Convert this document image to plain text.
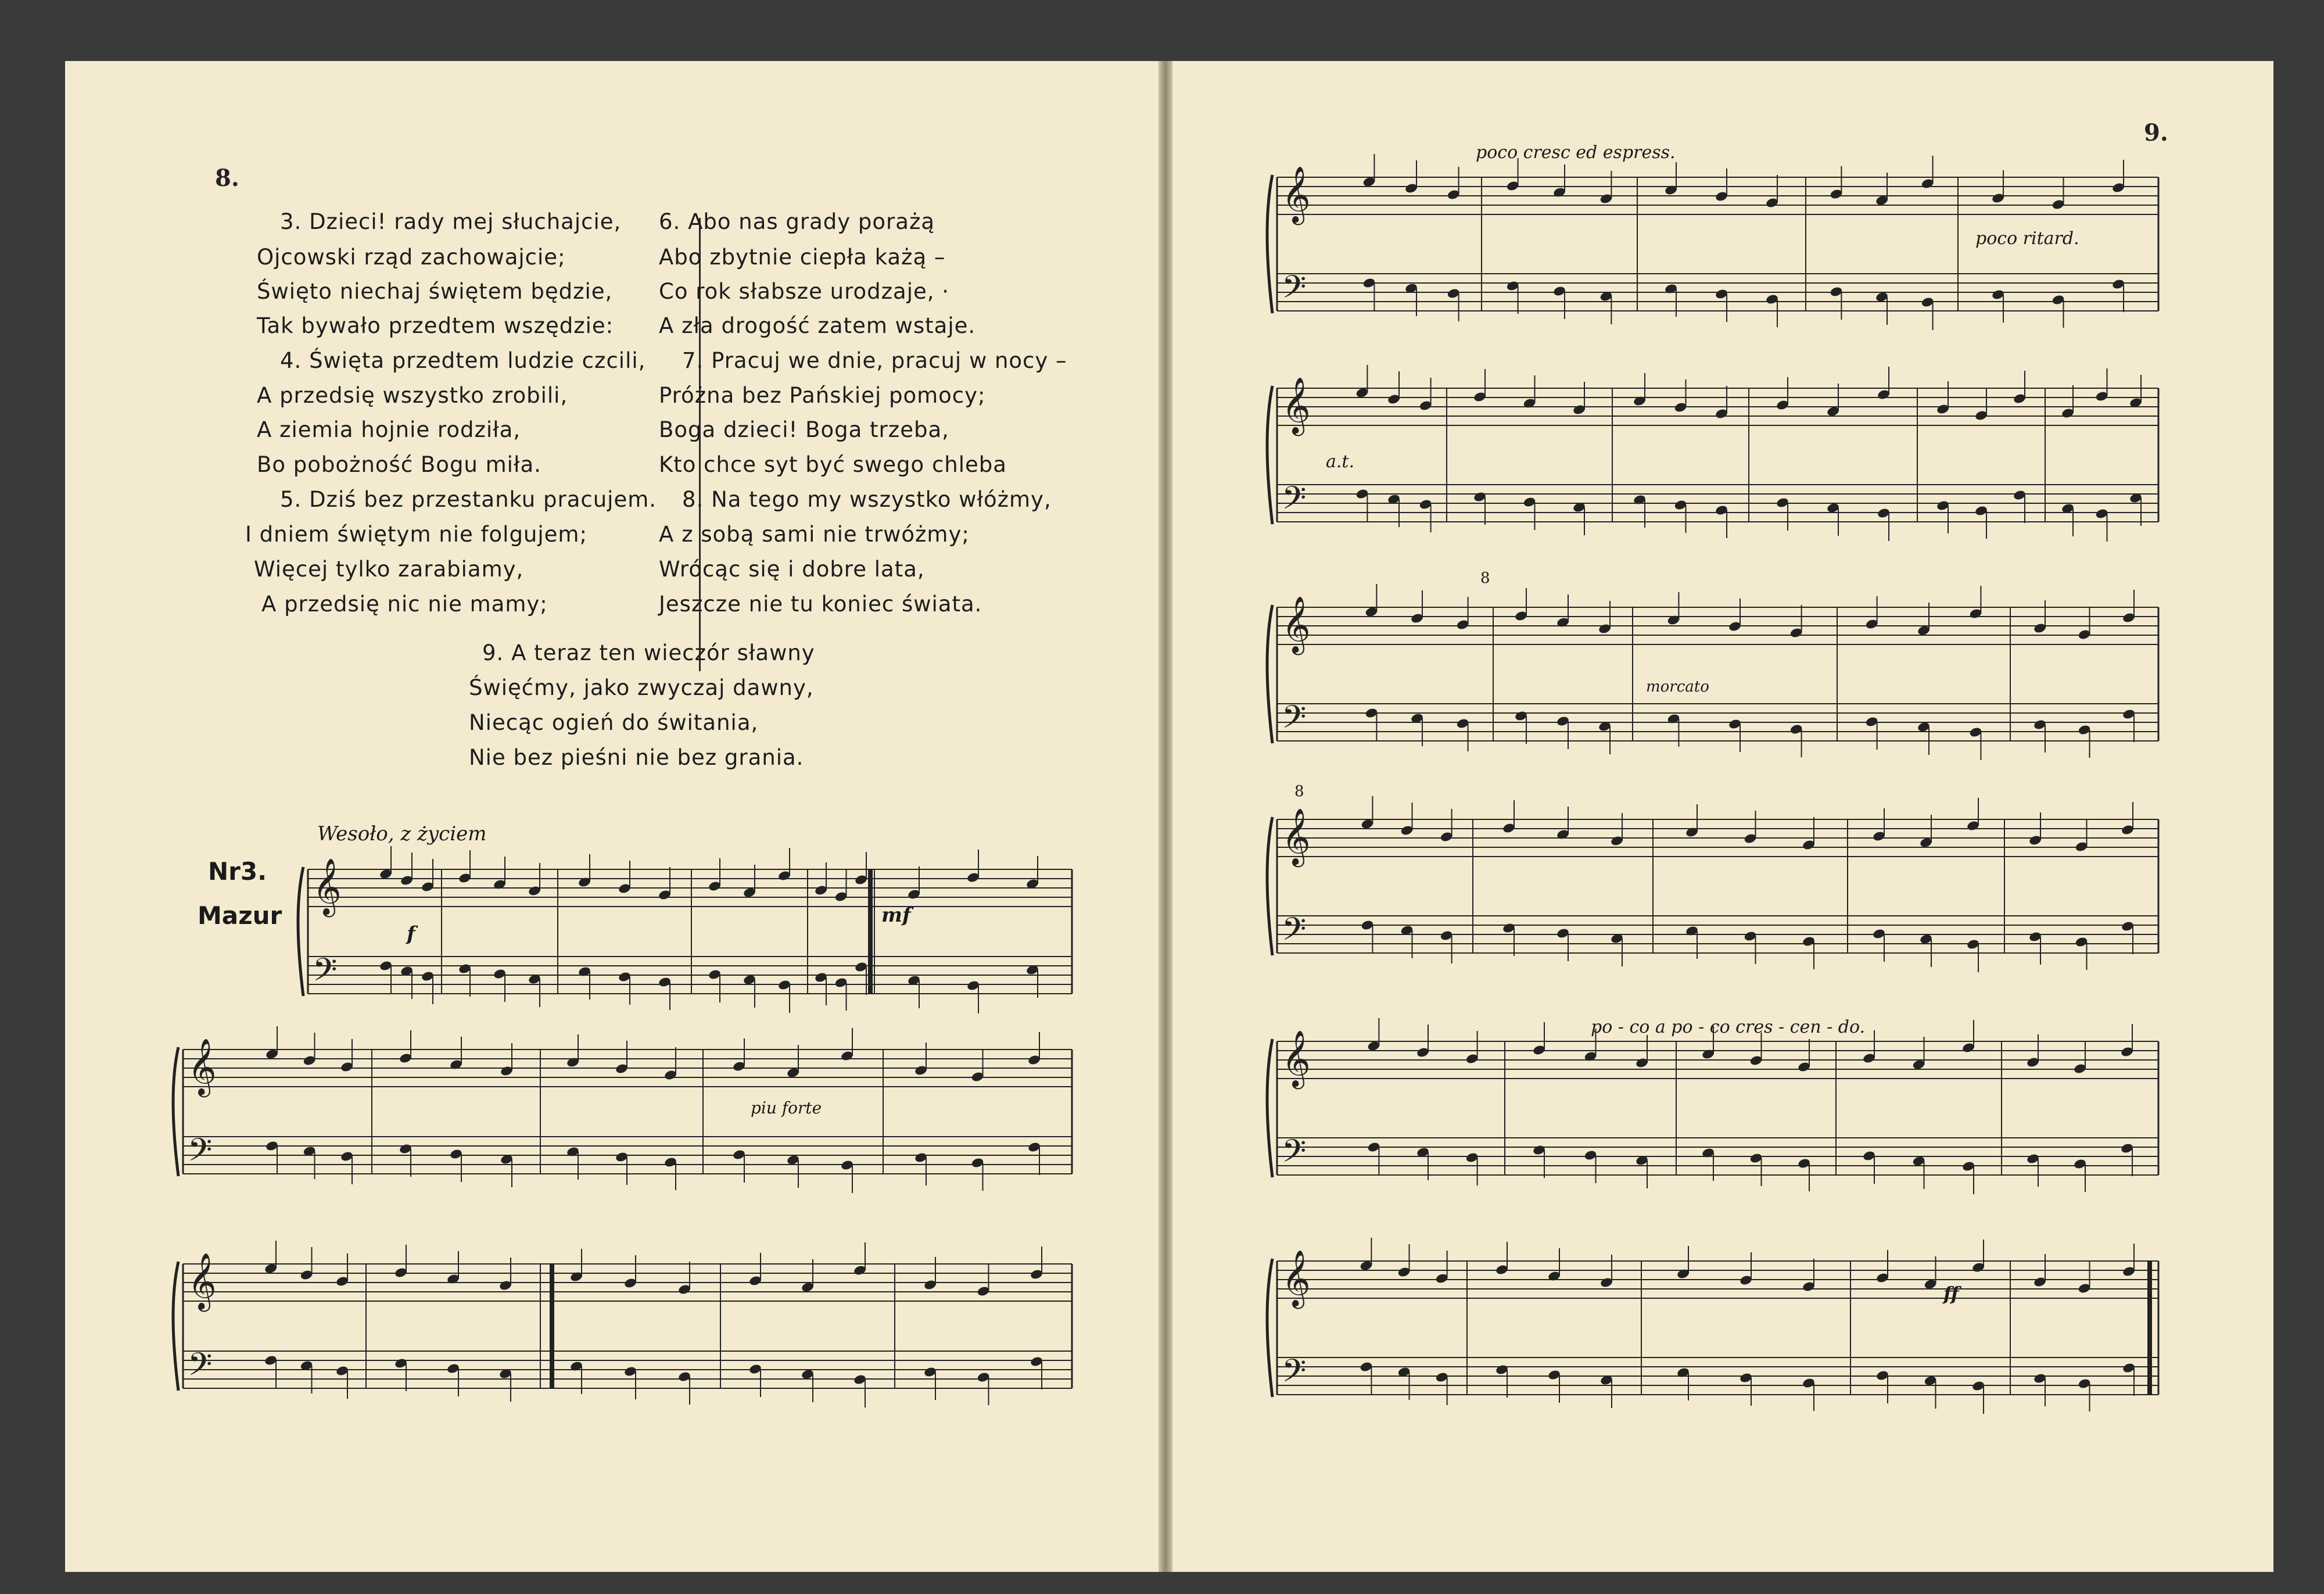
8.
3. Dzieci! rady mej słuchajcie,
Ojcowski rząd zachowajcie;
Święto niechaj świętem będzie,
Tak bywało przedtem wszędzie:
4. Święta przedtem ludzie czcili,
A przedsię wszystko zrobili,
A ziemia hojnie rodziła,
Bo pobożność Bogu miła.
5. Dziś bez przestanku pracujem.
I dniem świętym nie folgujem;
Więcej tylko zarabiamy,
A przedsię nic nie mamy;
6. Abo nas grady porażą
Abo zbytnie ciepła każą –
Co rok słabsze urodzaje, ·
A zła drogość zatem wstaje.
7. Pracuj we dnie, pracuj w nocy –
Próżna bez Pańskiej pomocy;
Boga dzieci! Boga trzeba,
Kto chce syt być swego chleba
8. Na tego my wszystko włóżmy,
A z sobą sami nie trwóżmy;
Wrócąc się i dobre lata,
Jeszcze nie tu koniec świata.
9. A teraz ten wieczór sławny
Święćmy, jako zwyczaj dawny,
Niecąc ogień do świtania,
Nie bez pieśni nie bez grania.
Nr3.
Mazur
Wesoło, z życiem
f
mf
piu forte
9.
poco cresc ed espress.
poco ritard.
a.t.
morcato
po - co a po - co cres - cen - do.
ff
8
8
𝄞
𝄢
𝄞
𝄢
𝄞
𝄢
𝄞
𝄢
𝄞
𝄢
𝄞
𝄢
𝄞
𝄢
𝄞
𝄢
𝄞
𝄢
